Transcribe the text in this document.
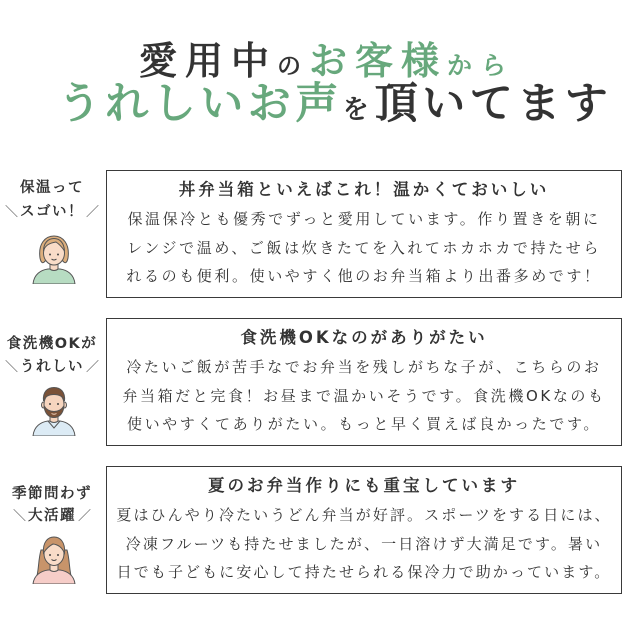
愛用中のお客様から
うれしいお声を頂いてます
保温って
＼ スゴい！ ／
丼弁当箱といえばこれ！温かくておいしい
保温保冷とも優秀でずっと愛用しています。作り置きを朝に
レンジで温め、ご飯は炊きたてを入れてホカホカで持たせら
れるのも便利。使いやすく他のお弁当箱より出番多めです！
食洗機OKが
＼ うれしい ／
食洗機OKなのがありがたい
冷たいご飯が苦手なでお弁当を残しがちな子が、こちらのお
弁当箱だと完食！お昼まで温かいそうです。食洗機OKなのも
使いやすくてありがたい。もっと早く買えば良かったです。
季節問わず
＼ 大活躍 ／
夏のお弁当作りにも重宝しています
夏はひんやり冷たいうどん弁当が好評。スポーツをする日には、
冷凍フルーツも持たせましたが、一日溶けず大満足です。暑い
日でも子どもに安心して持たせられる保冷力で助かっています。
